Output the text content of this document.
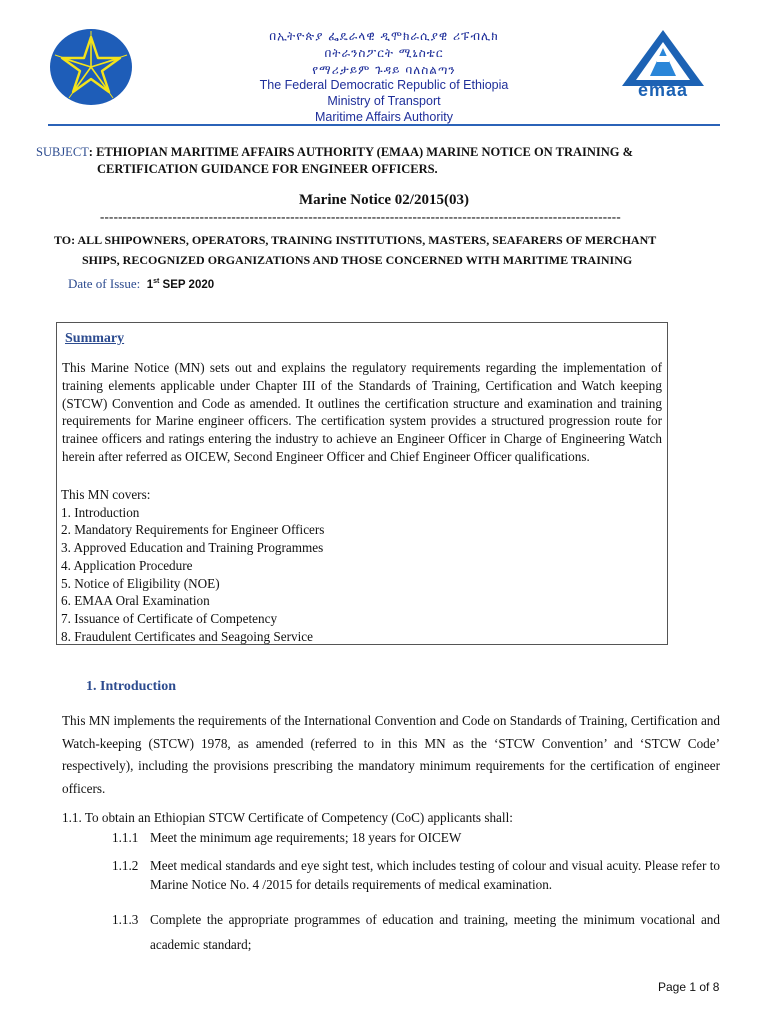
emaa
በኢትዮጵያ ፌዴራላዊ ዲሞክራሲያዊ ሪፑብሊክ
በትራንስፖርት ሚኒስቴር
የማሪታይም ጉዳይ ባለስልጣን
The Federal Democratic Republic of Ethiopia
Ministry of Transport
Maritime Affairs Authority
SUBJECT: ETHIOPIAN MARITIME AFFAIRS AUTHORITY (EMAA) MARINE NOTICE ON TRAINING &
CERTIFICATION GUIDANCE FOR ENGINEER OFFICERS.
Marine Notice 02/2015(03)
-------------------------------------------------------------------------------------------------------------------
TO: ALL SHIPOWNERS, OPERATORS, TRAINING INSTITUTIONS, MASTERS, SEAFARERS OF MERCHANT
SHIPS, RECOGNIZED ORGANIZATIONS AND THOSE CONCERNED WITH MARITIME TRAINING
Date of Issue:  1st SEP 2020
Summary

This Marine Notice (MN) sets out and explains the regulatory requirements regarding the implementation of training elements applicable under Chapter III of the Standards of Training, Certification and Watch keeping (STCW) Convention and Code as amended. It outlines the certification structure and examination and training requirements for Marine engineer officers. The certification system provides a structured progression route for trainee officers and ratings entering the industry to achieve an Engineer Officer in Charge of Engineering Watch herein after referred as OICEW, Second Engineer Officer and Chief Engineer Officer qualifications.

This MN covers:
1. Introduction
2. Mandatory Requirements for Engineer Officers
3. Approved Education and Training Programmes
4. Application Procedure
5. Notice of Eligibility (NOE)
6. EMAA Oral Examination
7. Issuance of Certificate of Competency
8. Fraudulent Certificates and Seagoing Service
1. Introduction

This MN implements the requirements of the International Convention and Code on Standards of Training, Certification and Watch-keeping (STCW) 1978, as amended (referred to in this MN as the ‘STCW Convention’ and ‘STCW Code’ respectively), including the provisions prescribing the mandatory minimum requirements for the certification of engineer officers.

1.1. To obtain an Ethiopian STCW Certificate of Competency (CoC) applicants shall:
1.1.1 Meet the minimum age requirements; 18 years for OICEW
1.1.2 Meet medical standards and eye sight test, which includes testing of colour and visual acuity. Please refer to Marine Notice No. 4 /2015 for details requirements of medical examination.
1.1.3 Complete the appropriate programmes of education and training, meeting the minimum vocational and academic standard;
Page 1 of 8
